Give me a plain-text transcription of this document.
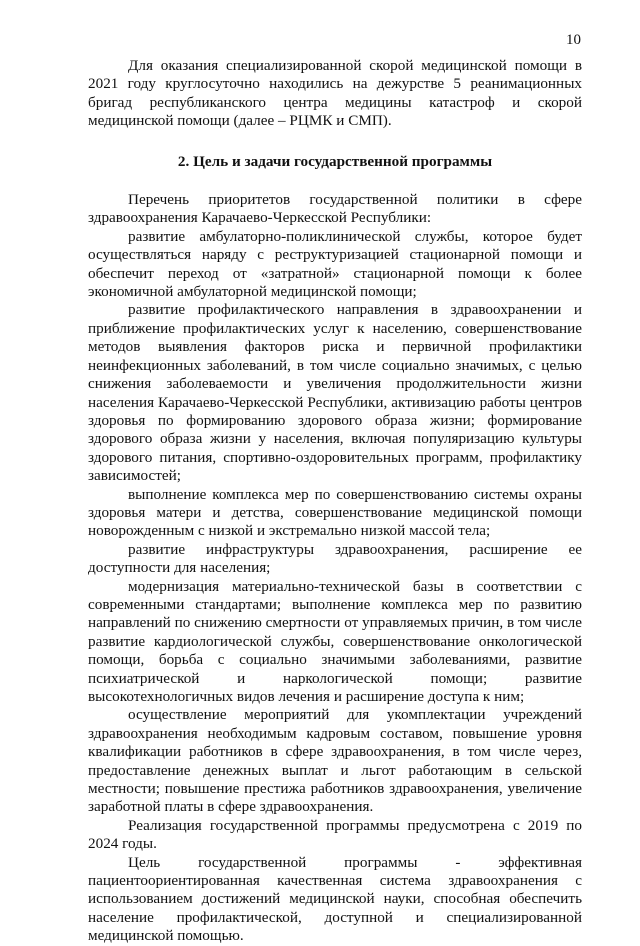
10

Для оказания специализированной скорой медицинской помощи в 2021 году круглосуточно находились на дежурстве 5 реанимационных бригад республиканского центра медицины катастроф и скорой медицинской помощи (далее – РЦМК и СМП).

2. Цель и задачи государственной программы

Перечень приоритетов государственной политики в сфере здравоохранения Карачаево-Черкесской Республики:

развитие амбулаторно-поликлинической службы, которое будет осуществляться наряду с реструктуризацией стационарной помощи и обеспечит переход от «затратной» стационарной помощи к более экономичной амбулаторной медицинской помощи;

развитие профилактического направления в здравоохранении и приближение профилактических услуг к населению, совершенствование методов выявления факторов риска и первичной профилактики неинфекционных заболеваний, в том числе социально значимых, с целью снижения заболеваемости и увеличения продолжительности жизни населения Карачаево-Черкесской Республики, активизацию работы центров здоровья по формированию здорового образа жизни; формирование здорового образа жизни у населения, включая популяризацию культуры здорового питания, спортивно-оздоровительных программ, профилактику зависимостей;

выполнение комплекса мер по совершенствованию системы охраны здоровья матери и детства, совершенствование медицинской помощи новорожденным с низкой и экстремально низкой массой тела;

развитие инфраструктуры здравоохранения, расширение ее доступности для населения;

модернизация материально-технической базы в соответствии с современными стандартами; выполнение комплекса мер по развитию направлений по снижению смертности от управляемых причин, в том числе развитие кардиологической службы, совершенствование онкологической помощи, борьба с социально значимыми заболеваниями, развитие психиатрической и наркологической помощи; развитие высокотехнологичных видов лечения и расширение доступа к ним;

осуществление мероприятий для укомплектации учреждений здравоохранения необходимым кадровым составом, повышение уровня квалификации работников в сфере здравоохранения, в том числе через, предоставление денежных выплат и льгот работающим в сельской местности; повышение престижа работников здравоохранения, увеличение заработной платы в сфере здравоохранения.

Реализация государственной программы предусмотрена с 2019 по 2024 годы.

Цель государственной программы - эффективная пациентоориентированная качественная система здравоохранения с использованием достижений медицинской науки, способная обеспечить население профилактической, доступной и специализированной медицинской помощью.
